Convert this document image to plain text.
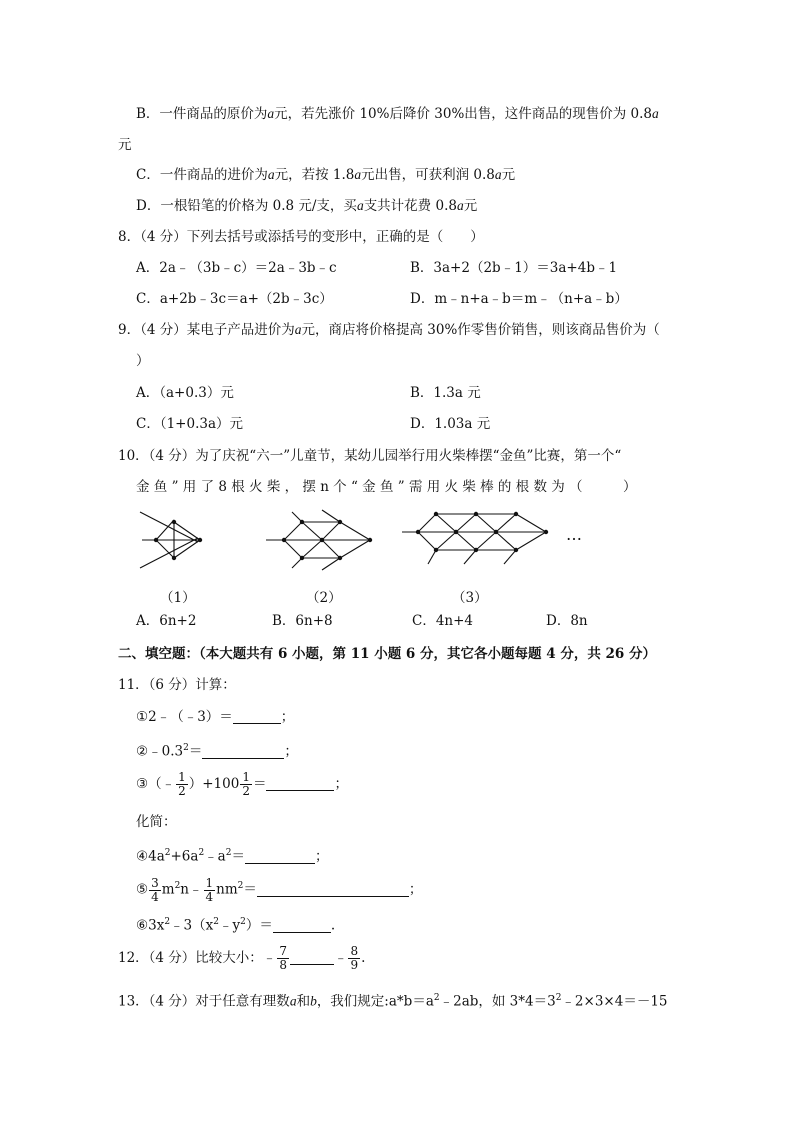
B．一件商品的原价为a元，若先涨价 10%后降价 30%出售，这件商品的现售价为 0.8a
元
C．一件商品的进价为a元，若按 1.8a元出售，可获利润 0.8a元
D．一根铅笔的价格为 0.8 元/支，买a支共计花费 0.8a元
8．（4 分）下列去括号或添括号的变形中，正确的是（　　）
A．2a﹣（3b﹣c）＝2a﹣3b﹣c	B．3a+2（2b﹣1）＝3a+4b﹣1
C．a+2b﹣3c＝a+（2b﹣3c）	D．m﹣n+a﹣b＝m﹣（n+a﹣b）
9．（4 分）某电子产品进价为a元，商店将价格提高 30%作零售价销售，则该商品售价为（
）
A．（a+0.3）元	B．1.3a 元
C．（1+0.3a）元	D．1.03a 元
10．（4 分）为了庆祝“六一”儿童节，某幼儿园举行用火柴棒摆“金鱼”比赛，第一个“
金 鱼 ” 用 了 8 根 火 柴 ， 摆 n 个 “ 金 鱼 ” 需 用 火 柴 棒 的 根 数 为 （　　　）
…
（1）	（2）	（3）
A．6n+2	B．6n+8	C．4n+4	D．8n
二、填空题：（本大题共有 6 小题，第 11 小题 6 分，其它各小题每题 4 分，共 26 分）
11．（6 分）计算：
①2﹣（﹣3）＝	；
$②﹣0.3^2=$	；
③（﹣ $\frac{1}{2} )+100 \frac{1}{2}$ ＝	；
化简：
$④4a^2+6a^2﹣a^2=$	；
⑤ $\frac{3}{4}$ $m^2n﹣ \frac{1}{4} nm^2=$	；
$⑥3x^2﹣3(x^2﹣y^2)=$	.
12．（4 分）比较大小：﹣ $\frac{7}{8}$	﹣ $\frac{8}{9}$ .
13．（4 分）对于任意有理数a和b，我们规定$:a*b=a^2﹣2ab$，如 $3*4=3^2﹣2\times 3\times 4=-15$
